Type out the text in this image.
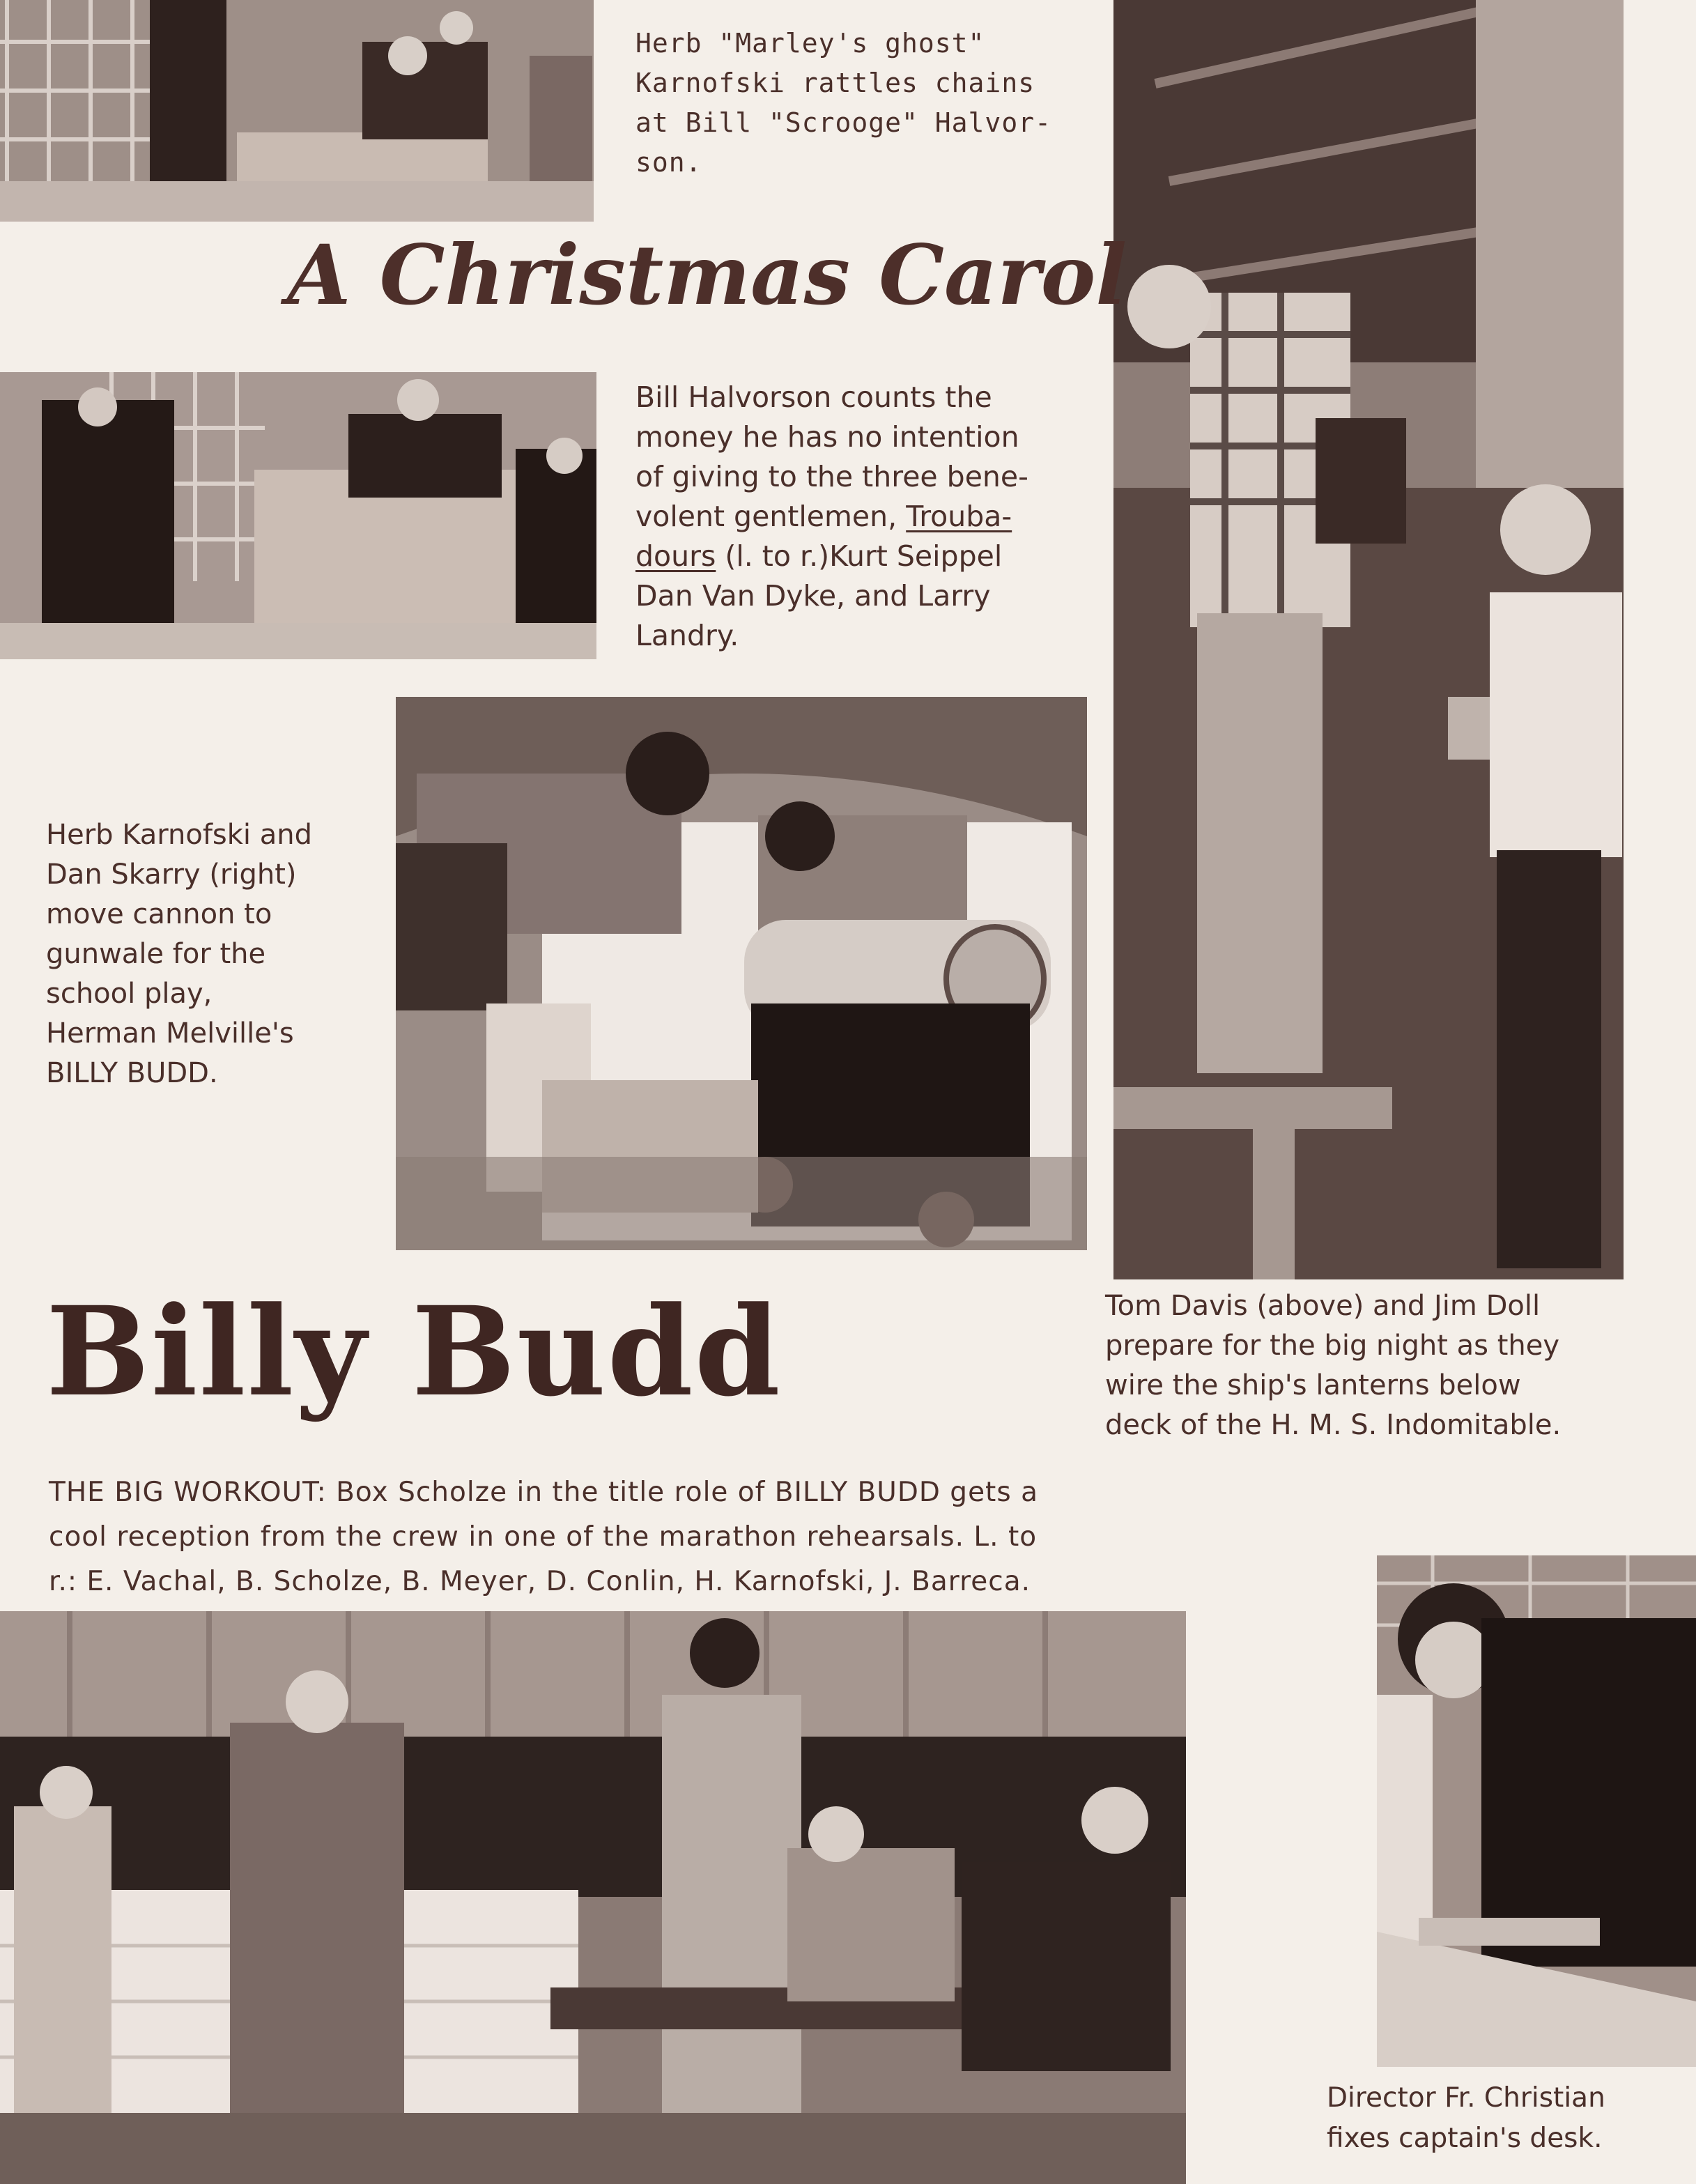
Herb "Marley's ghost"
Karnofski rattles chains
at Bill "Scrooge" Halvor-
son.

A Christmas Carol

Bill Halvorson counts the
money he has no intention
of giving to the three bene-
volent gentlemen, Trouba-
dours (l. to r.)Kurt Seippel
Dan Van Dyke, and Larry
Landry.

Herb Karnofski and
Dan Skarry (right)
move cannon to
gunwale for the
school play,
Herman Melville's
BILLY BUDD.

Tom Davis (above) and Jim Doll
prepare for the big night as they
wire the ship's lanterns below
deck of the H. M. S. Indomitable.

Billy Budd

THE BIG WORKOUT: Box Scholze in the title role of BILLY BUDD gets a
cool reception from the crew in one of the marathon rehearsals. L. to
r.: E. Vachal, B. Scholze, B. Meyer, D. Conlin, H. Karnofski, J. Barreca.

Director Fr. Christian
fixes captain's desk.
